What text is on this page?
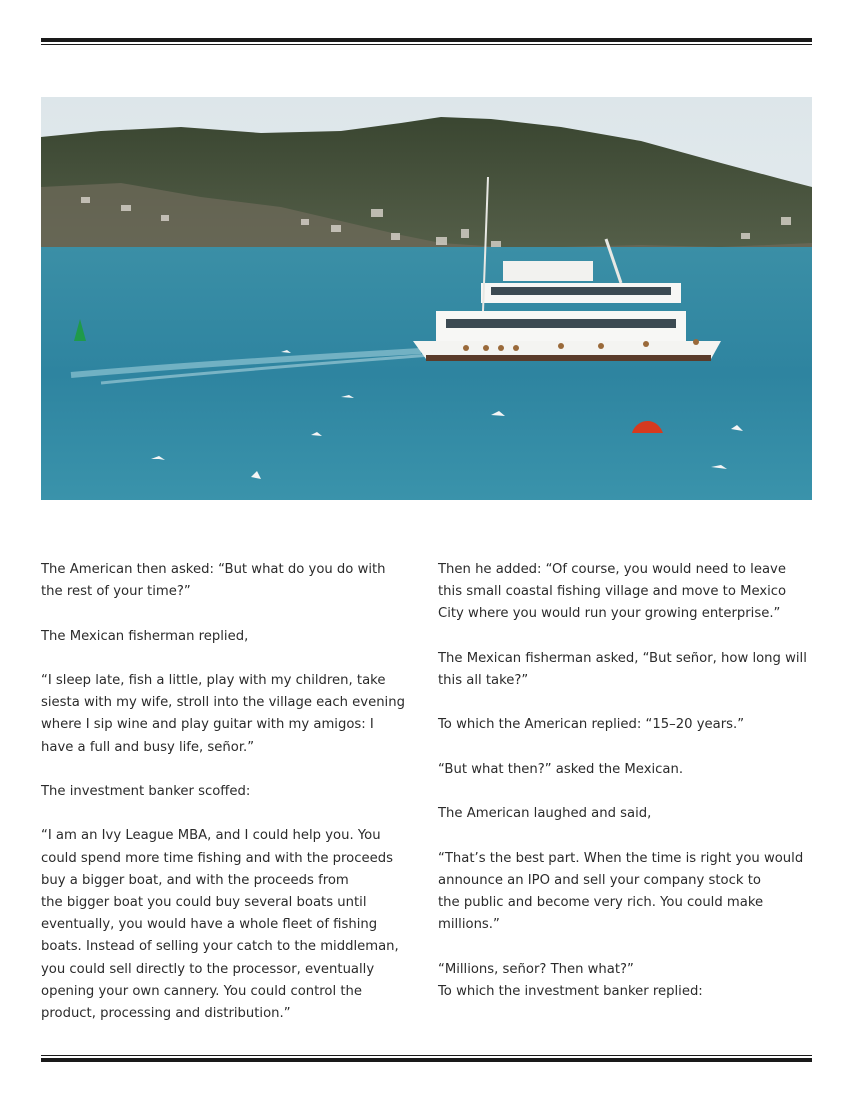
The American then asked: “But what do you do with
the rest of your time?”

The Mexican fisherman replied,

“I sleep late, fish a little, play with my children, take
siesta with my wife, stroll into the village each evening
where I sip wine and play guitar with my amigos: I
have a full and busy life, señor.”

The investment banker scoffed:

“I am an Ivy League MBA, and I could help you. You
could spend more time fishing and with the proceeds
buy a bigger boat, and with the proceeds from
the bigger boat you could buy several boats until
eventually, you would have a whole fleet of fishing
boats. Instead of selling your catch to the middleman,
you could sell directly to the processor, eventually
opening your own cannery. You could control the
product, processing and distribution.”

Then he added: “Of course, you would need to leave
this small coastal fishing village and move to Mexico
City where you would run your growing enterprise.”

The Mexican fisherman asked, “But señor, how long will
this all take?”

To which the American replied: “15–20 years.”

“But what then?” asked the Mexican.

The American laughed and said,

“That’s the best part. When the time is right you would
announce an IPO and sell your company stock to
the public and become very rich. You could make
millions.”

“Millions, señor? Then what?”

To which the investment banker replied:
